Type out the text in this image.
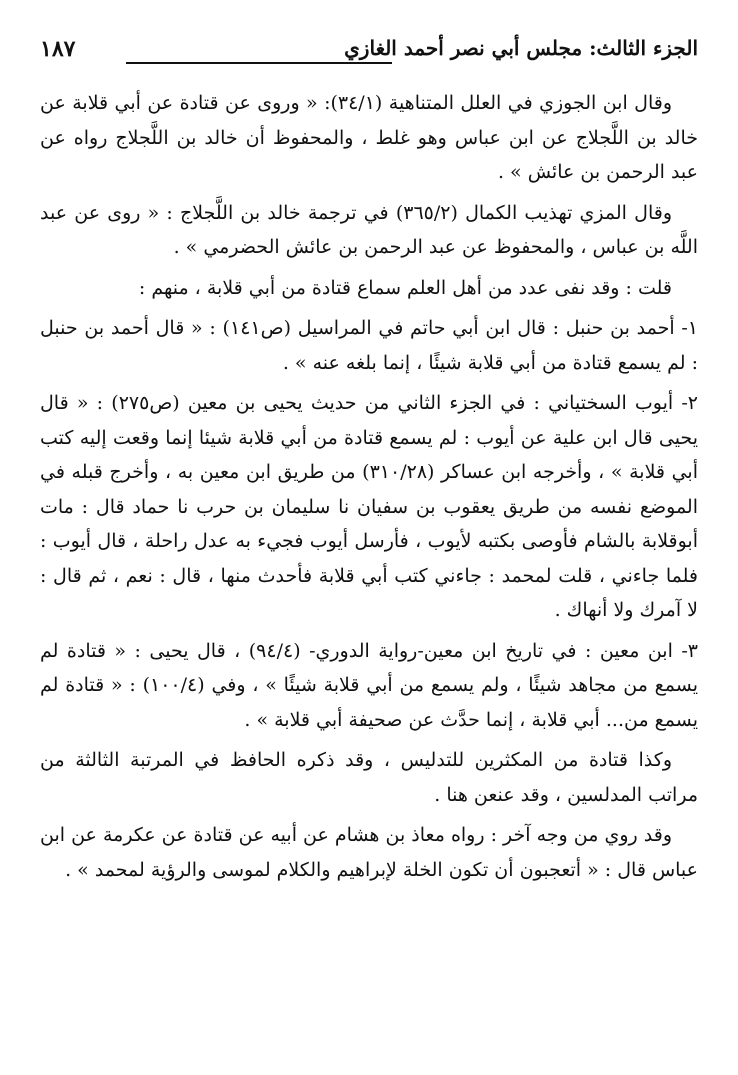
الجزء الثالث: مجلس أبي نصر أحمد الغازي
١٨٧

وقال ابن الجوزي في العلل المتناهية (٣٤/١): « وروى عن قتادة عن أبي قلابة عن خالد بن اللَّجلاج عن ابن عباس وهو غلط ، والمحفوظ أن خالد بن اللَّجلاج رواه عن عبد الرحمن بن عائش » .

وقال المزي تهذيب الكمال (٣٦٥/٢) في ترجمة خالد بن اللَّجلاج : « روى عن عبد اللَّه بن عباس ، والمحفوظ عن عبد الرحمن بن عائش الحضرمي » .

قلت : وقد نفى عدد من أهل العلم سماع قتادة من أبي قلابة ، منهم :

١- أحمد بن حنبل : قال ابن أبي حاتم في المراسيل (ص١٤١) : « قال أحمد بن حنبل : لم يسمع قتادة من أبي قلابة شيئًا ، إنما بلغه عنه » .

٢- أيوب السختياني : في الجزء الثاني من حديث يحيى بن معين (ص٢٧٥) : « قال يحيى قال ابن علية عن أيوب : لم يسمع قتادة من أبي قلابة شيئا إنما وقعت إليه كتب أبي قلابة » ، وأخرجه ابن عساكر (٣١٠/٢٨) من طريق ابن معين به ، وأخرج قبله في الموضع نفسه من طريق يعقوب بن سفيان نا سليمان بن حرب نا حماد قال : مات أبوقلابة بالشام فأوصى بكتبه لأيوب ، فأرسل أيوب فجيء به عدل راحلة ، قال أيوب : فلما جاءني ، قلت لمحمد : جاءني كتب أبي قلابة فأحدث منها ، قال : نعم ، ثم قال : لا آمرك ولا أنهاك .

٣- ابن معين : في تاريخ ابن معين-رواية الدوري- (٩٤/٤) ، قال يحيى : « قتادة لم يسمع من مجاهد شيئًا ، ولم يسمع من أبي قلابة شيئًا » ، وفي (١٠٠/٤) : « قتادة لم يسمع من... أبي قلابة ، إنما حدَّث عن صحيفة أبي قلابة » .

وكذا قتادة من المكثرين للتدليس ، وقد ذكره الحافظ في المرتبة الثالثة من مراتب المدلسين ، وقد عنعن هنا .

وقد روي من وجه آخر : رواه معاذ بن هشام عن أبيه عن قتادة عن عكرمة عن ابن عباس قال : « أتعجبون أن تكون الخلة لإبراهيم والكلام لموسى والرؤية لمحمد » .
